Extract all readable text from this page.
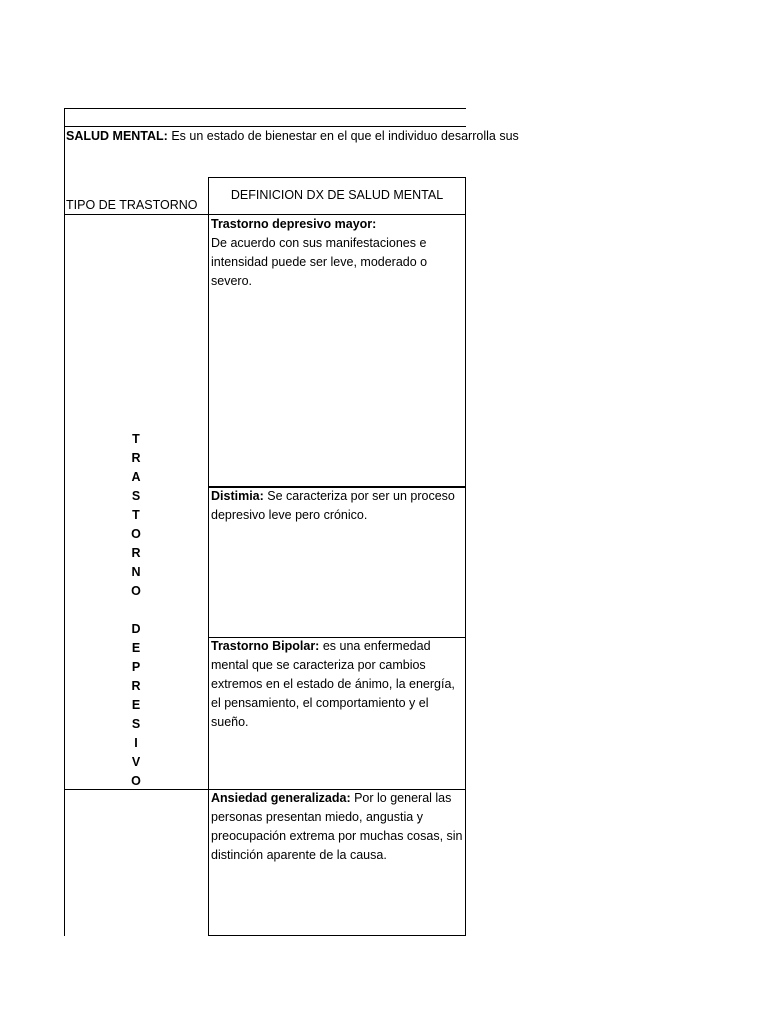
SALUD MENTAL: Es un estado de bienestar en el que el individuo desarrolla sus
TIPO DE TRASTORNO
DEFINICION DX DE SALUD MENTAL
T
R
A
S
T
O
R
N
O
D
E
P
R
E
S
I
V
O
Trastorno depresivo mayor:
De acuerdo con sus manifestaciones e intensidad puede ser leve, moderado o severo.
Distimia: Se caracteriza por ser un proceso depresivo leve pero crónico.
Trastorno Bipolar: es una enfermedad mental que se caracteriza por cambios extremos en el estado de ánimo, la energía, el pensamiento, el comportamiento y el sueño.
Ansiedad generalizada: Por lo general las personas presentan miedo, angustia y preocupación extrema por muchas cosas, sin distinción aparente de la causa.
